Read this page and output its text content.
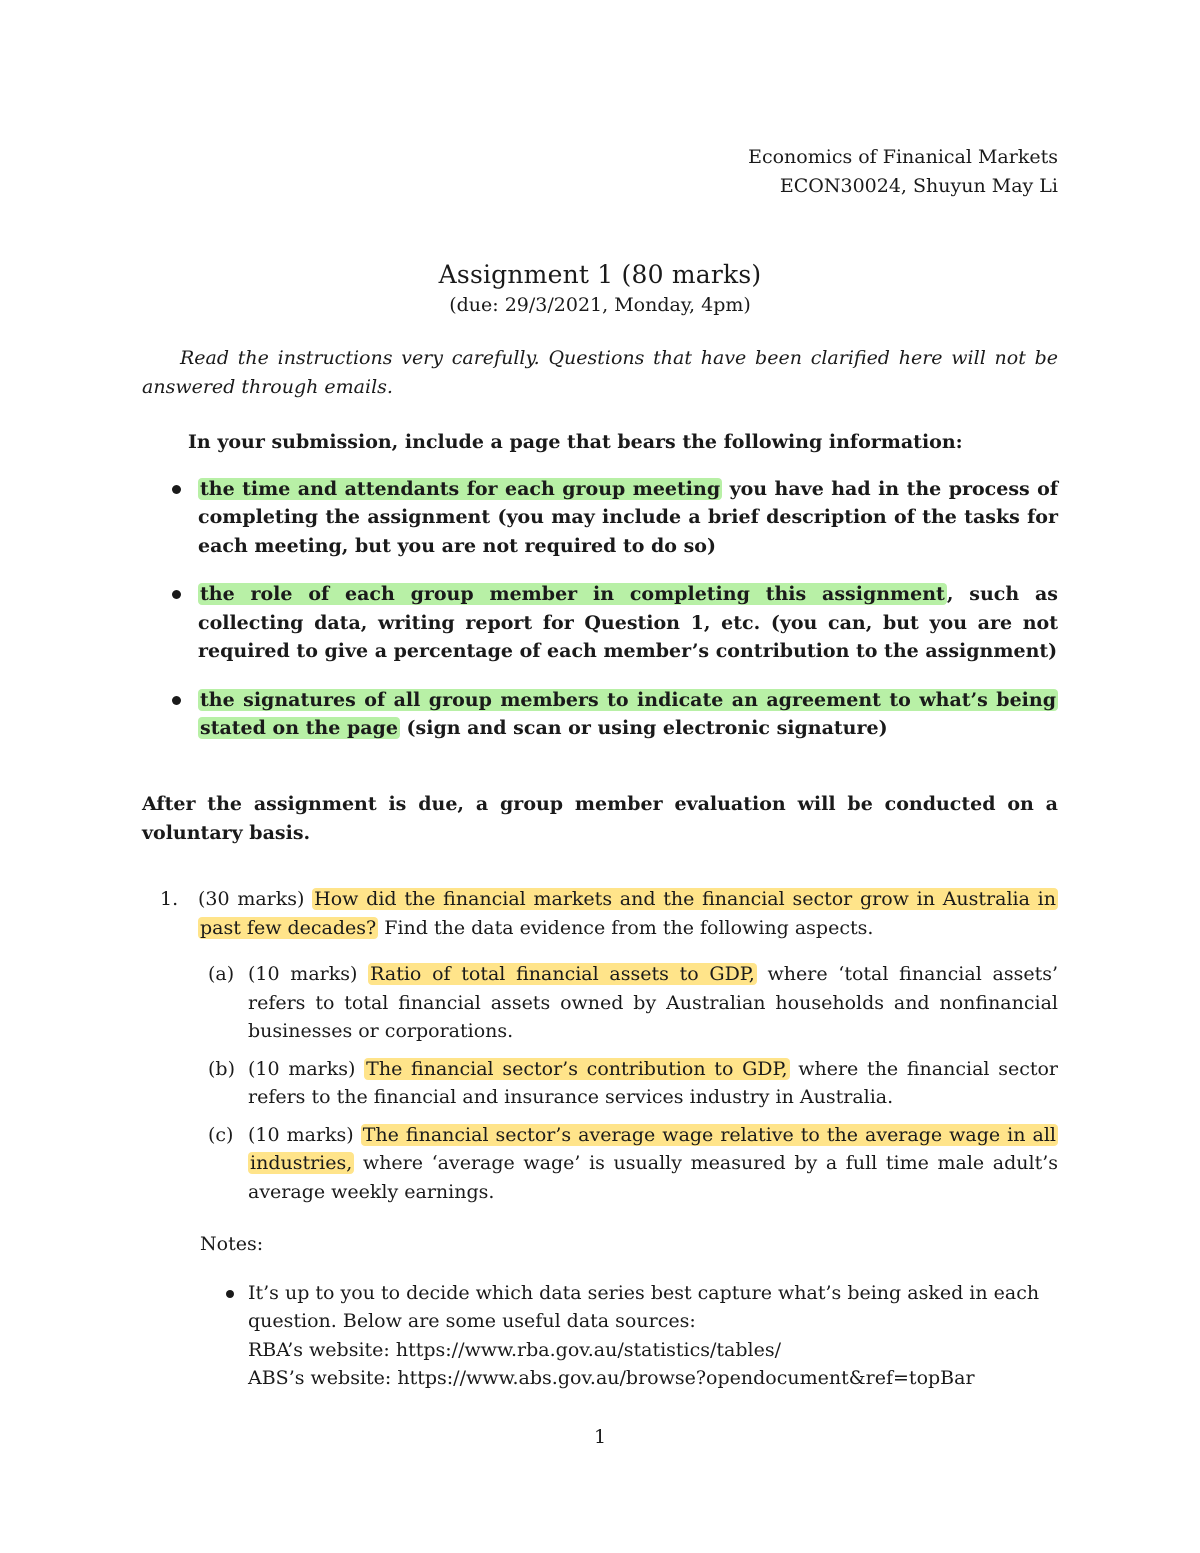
Economics of Finanical Markets
ECON30024, Shuyun May Li
Assignment 1 (80 marks)
(due: 29/3/2021, Monday, 4pm)

Read the instructions very carefully. Questions that have been clarified here will not be answered through emails.

In your submission, include a page that bears the following information:

the time and attendants for each group meeting you have had in the process of completing the assignment (you may include a brief description of the tasks for each meeting, but you are not required to do so)
the role of each group member in completing this assignment , such as collecting data, writing report for Question 1, etc. (you can, but you are not required to give a percentage of each member’s contribution to the assignment)
the signatures of all group members to indicate an agreement to what’s being stated on the page (sign and scan or using electronic signature)

After the assignment is due, a group member evaluation will be conducted on a voluntary basis.

1. (30 marks) How did the financial markets and the financial sector grow in Australia in past few decades? Find the data evidence from the following aspects.
(a) (10 marks) Ratio of total financial assets to GDP, where ‘total financial assets’ refers to total financial assets owned by Australian households and nonfinancial businesses or corporations.
(b) (10 marks) The financial sector’s contribution to GDP, where the financial sector refers to the financial and insurance services industry in Australia.
(c) (10 marks) The financial sector’s average wage relative to the average wage in all industries, where ‘average wage’ is usually measured by a full time male adult’s average weekly earnings.
Notes:
It’s up to you to decide which data series best capture what’s being asked in each question. Below are some useful data sources:
RBA’s website: https://www.rba.gov.au/statistics/tables/
ABS’s website: https://www.abs.gov.au/browse?opendocument&ref=topBar
1
